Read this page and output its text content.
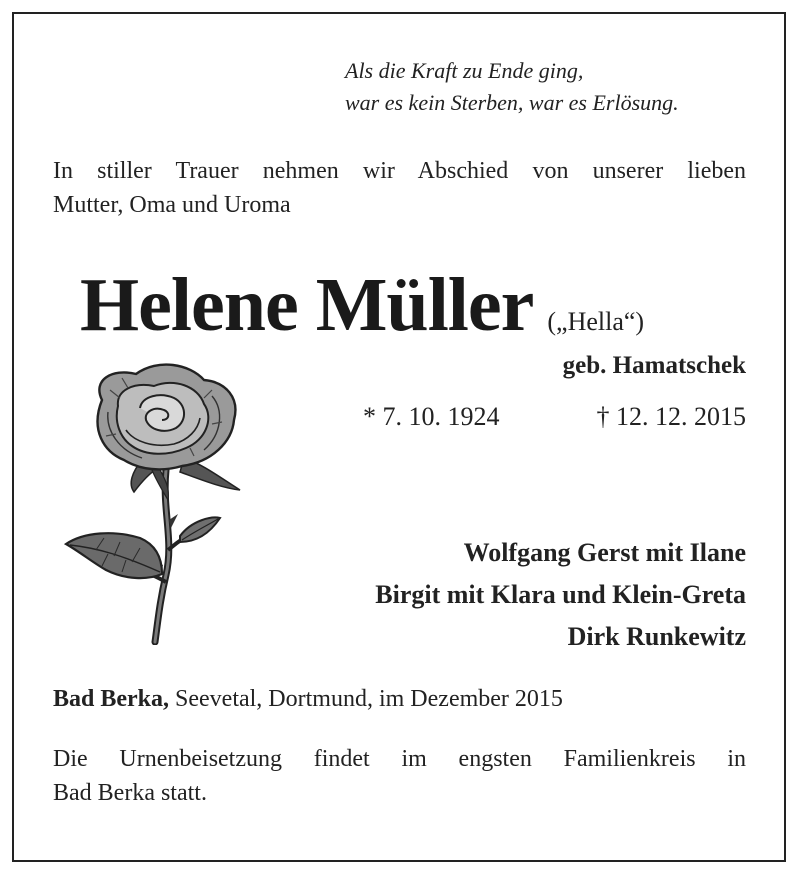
Als die Kraft zu Ende ging,
war es kein Sterben, war es Erlösung.
In stiller Trauer nehmen wir Abschied von unserer lieben
Mutter, Oma und Uroma
Helene Müller („Hella“)
geb. Hamatschek
* 7. 10. 1924	† 12. 12. 2015
Wolfgang Gerst mit Ilane
Birgit mit Klara und Klein-Greta
Dirk Runkewitz
Bad Berka, Seevetal, Dortmund, im Dezember 2015
Die Urnenbeisetzung findet im engsten Familienkreis in
Bad Berka statt.
